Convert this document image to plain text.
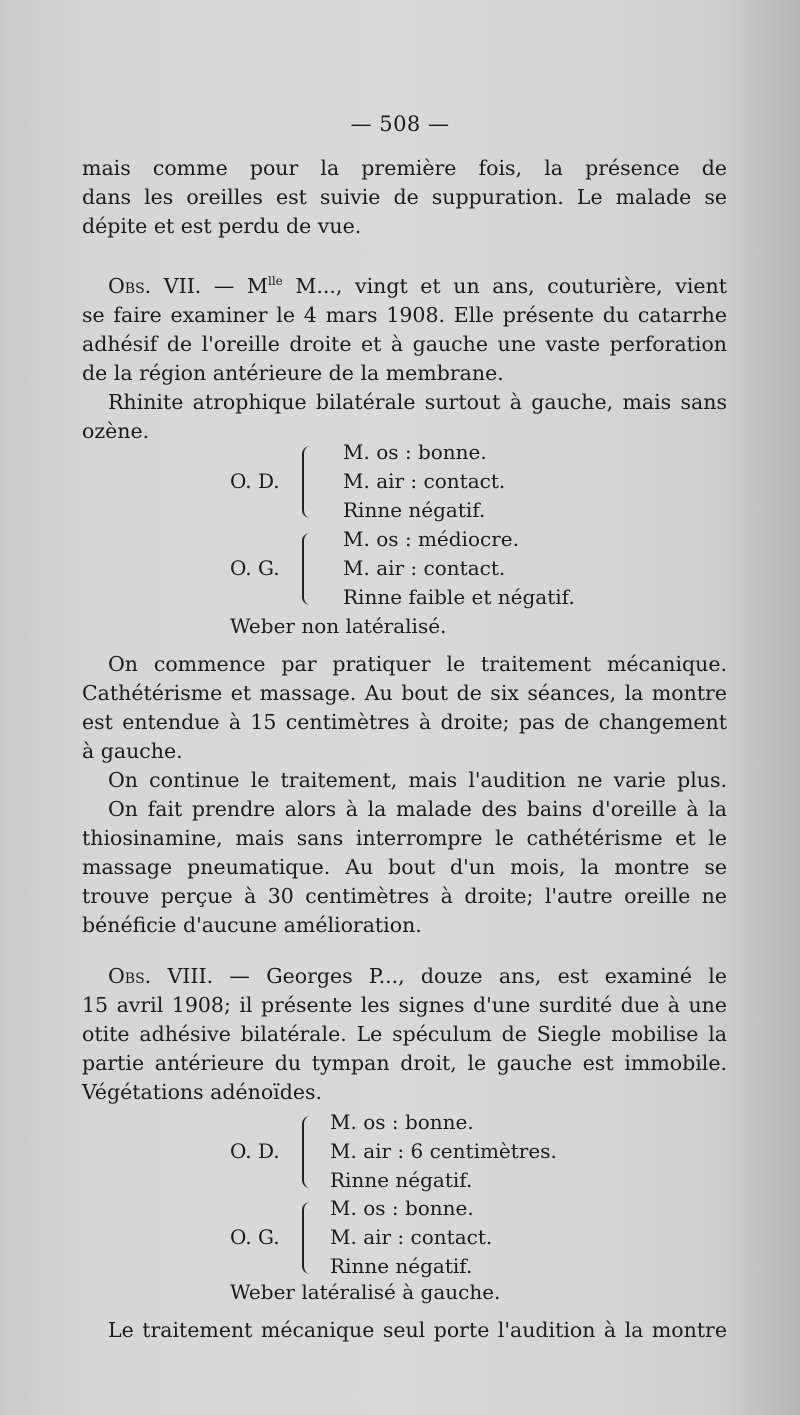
— 508 —
mais comme pour la première fois, la présence de
dans les oreilles est suivie de suppuration. Le malade se
dépite et est perdu de vue.
Obs. VII. — $M^{lle}$ M..., vingt et un ans, couturière, vient
se faire examiner le 4 mars 1908. Elle présente du catarrhe
adhésif de l'oreille droite et à gauche une vaste perforation
de la région antérieure de la membrane.
Rhinite atrophique bilatérale surtout à gauche, mais sans
ozène.
O. D.
M. os : bonne.
M. air : contact.
Rinne négatif.
O. G.
M. os : médiocre.
M. air : contact.
Rinne faible et négatif.
Weber non latéralisé.
On commence par pratiquer le traitement mécanique.
Cathétérisme et massage. Au bout de six séances, la montre
est entendue à 15 centimètres à droite; pas de changement
à gauche.
On continue le traitement, mais l'audition ne varie plus.
On fait prendre alors à la malade des bains d'oreille à la
thiosinamine, mais sans interrompre le cathétérisme et le
massage pneumatique. Au bout d'un mois, la montre se
trouve perçue à 30 centimètres à droite; l'autre oreille ne
bénéficie d'aucune amélioration.
Obs. VIII. — Georges P..., douze ans, est examiné le
15 avril 1908; il présente les signes d'une surdité due à une
otite adhésive bilatérale. Le spéculum de Siegle mobilise la
partie antérieure du tympan droit, le gauche est immobile.
Végétations adénoïdes.
O. D.
M. os : bonne.
M. air : 6 centimètres.
Rinne négatif.
O. G.
M. os : bonne.
M. air : contact.
Rinne négatif.
Weber latéralisé à gauche.
Le traitement mécanique seul porte l'audition à la montre
